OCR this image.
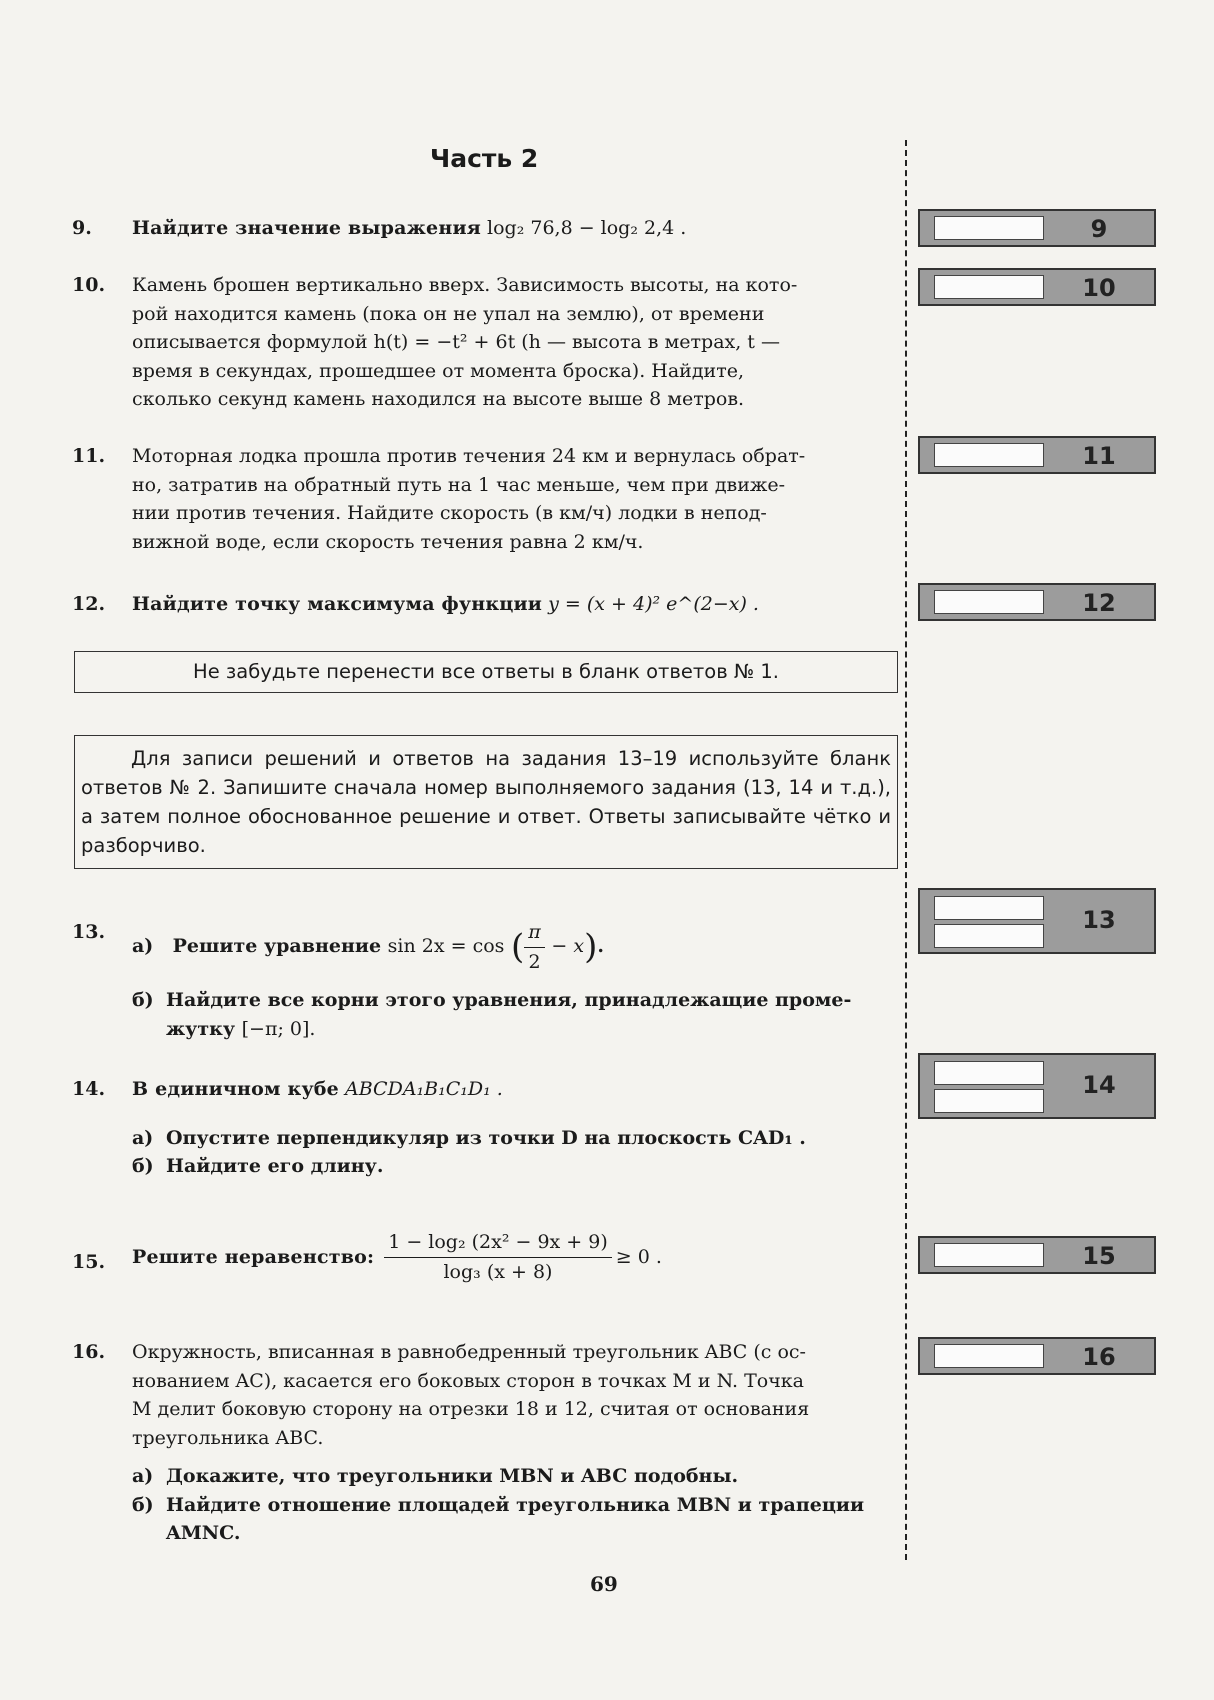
Часть 2
9. Найдите значение выражения log₂ 76,8 − log₂ 2,4 .
10. Камень брошен вертикально вверх. Зависимость высоты, на кото-
рой находится камень (пока он не упал на землю), от времени
описывается формулой h(t) = −t² + 6t (h — высота в метрах, t —
время в секундах, прошедшее от момента броска). Найдите,
сколько секунд камень находился на высоте выше 8 метров.
11. Моторная лодка прошла против течения 24 км и вернулась обрат-
но, затратив на обратный путь на 1 час меньше, чем при движе-
нии против течения. Найдите скорость (в км/ч) лодки в непод-
вижной воде, если скорость течения равна 2 км/ч.
12. Найдите точку максимума функции y = (x + 4)² e^(2−x) .
Не забудьте перенести все ответы в бланк ответов № 1.
Для записи решений и ответов на задания 13–19 используйте бланк ответов № 2. Запишите сначала номер выполняемого задания (13, 14 и т.д.), а затем полное обоснованное решение и ответ. Ответы записывайте чётко и разборчиво.
13.
а) Решите уравнение sin 2x = cos ( $\frac{\pi}{2} - x$).
б) Найдите все корни этого уравнения, принадлежащие проме-
жутку [−π; 0].
14. В единичном кубе ABCDA₁B₁C₁D₁ .
а) Опустите перпендикуляр из точки D на плоскость CAD₁ .
б) Найдите его длину.
15. Решите неравенство: $\frac{\text{1 − log₂ (2x² − 9x + 9)}}{\text{log₃ (x + 8)}} \ge 0$ .
16. Окружность, вписанная в равнобедренный треугольник ABC (с ос-
нованием AC), касается его боковых сторон в точках M и N. Точка
M делит боковую сторону на отрезки 18 и 12, считая от основания
треугольника ABC.
а) Докажите, что треугольники MBN и ABC подобны.
б) Найдите отношение площадей треугольника MBN и трапеции AMNC.
9
10
11
12
13
14
15
16
69
